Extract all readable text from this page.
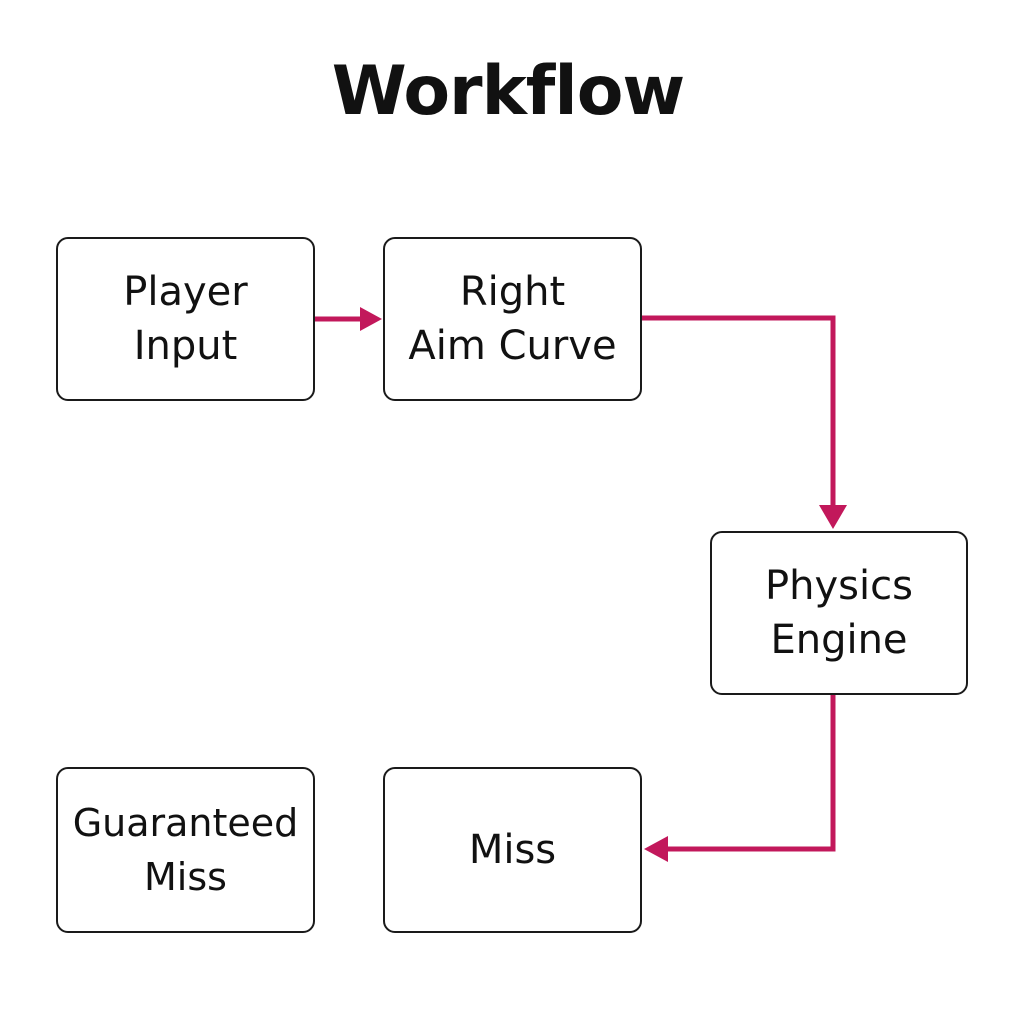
Workflow
Player
Input
Right
Aim Curve
Physics
Engine
Miss
Guaranteed
Miss
